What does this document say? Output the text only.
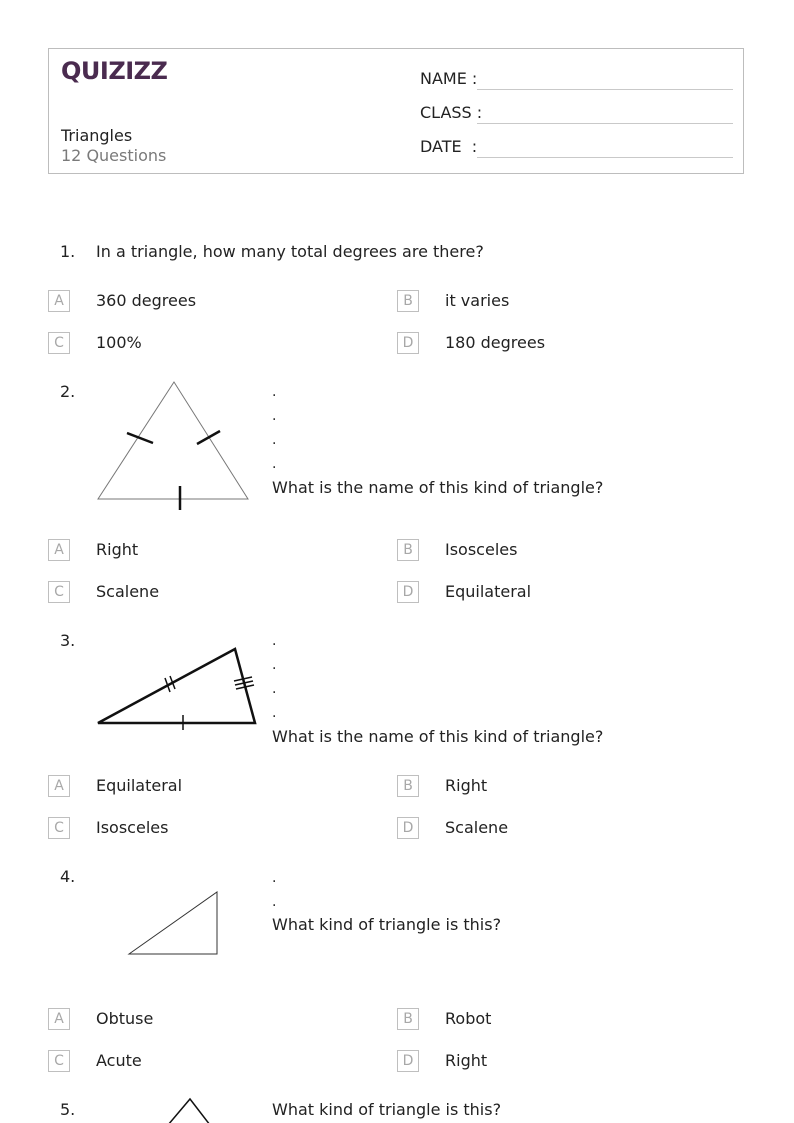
QUIZIZZ
Triangles
12 Questions
NAME :
CLASS :
DATE  :
1. In a triangle, how many total degrees are there?
A	360 degrees	B	it varies
C	100%	D	180 degrees
2.	.
.
.
.
What is the name of this kind of triangle?
A	Right	B	Isosceles
C	Scalene	D	Equilateral
3.	.
.
.
.
What is the name of this kind of triangle?
A	Equilateral	B	Right
C	Isosceles	D	Scalene
4.	.
.
What kind of triangle is this?
A	Obtuse	B	Robot
C	Acute	D	Right
5.	What kind of triangle is this?
